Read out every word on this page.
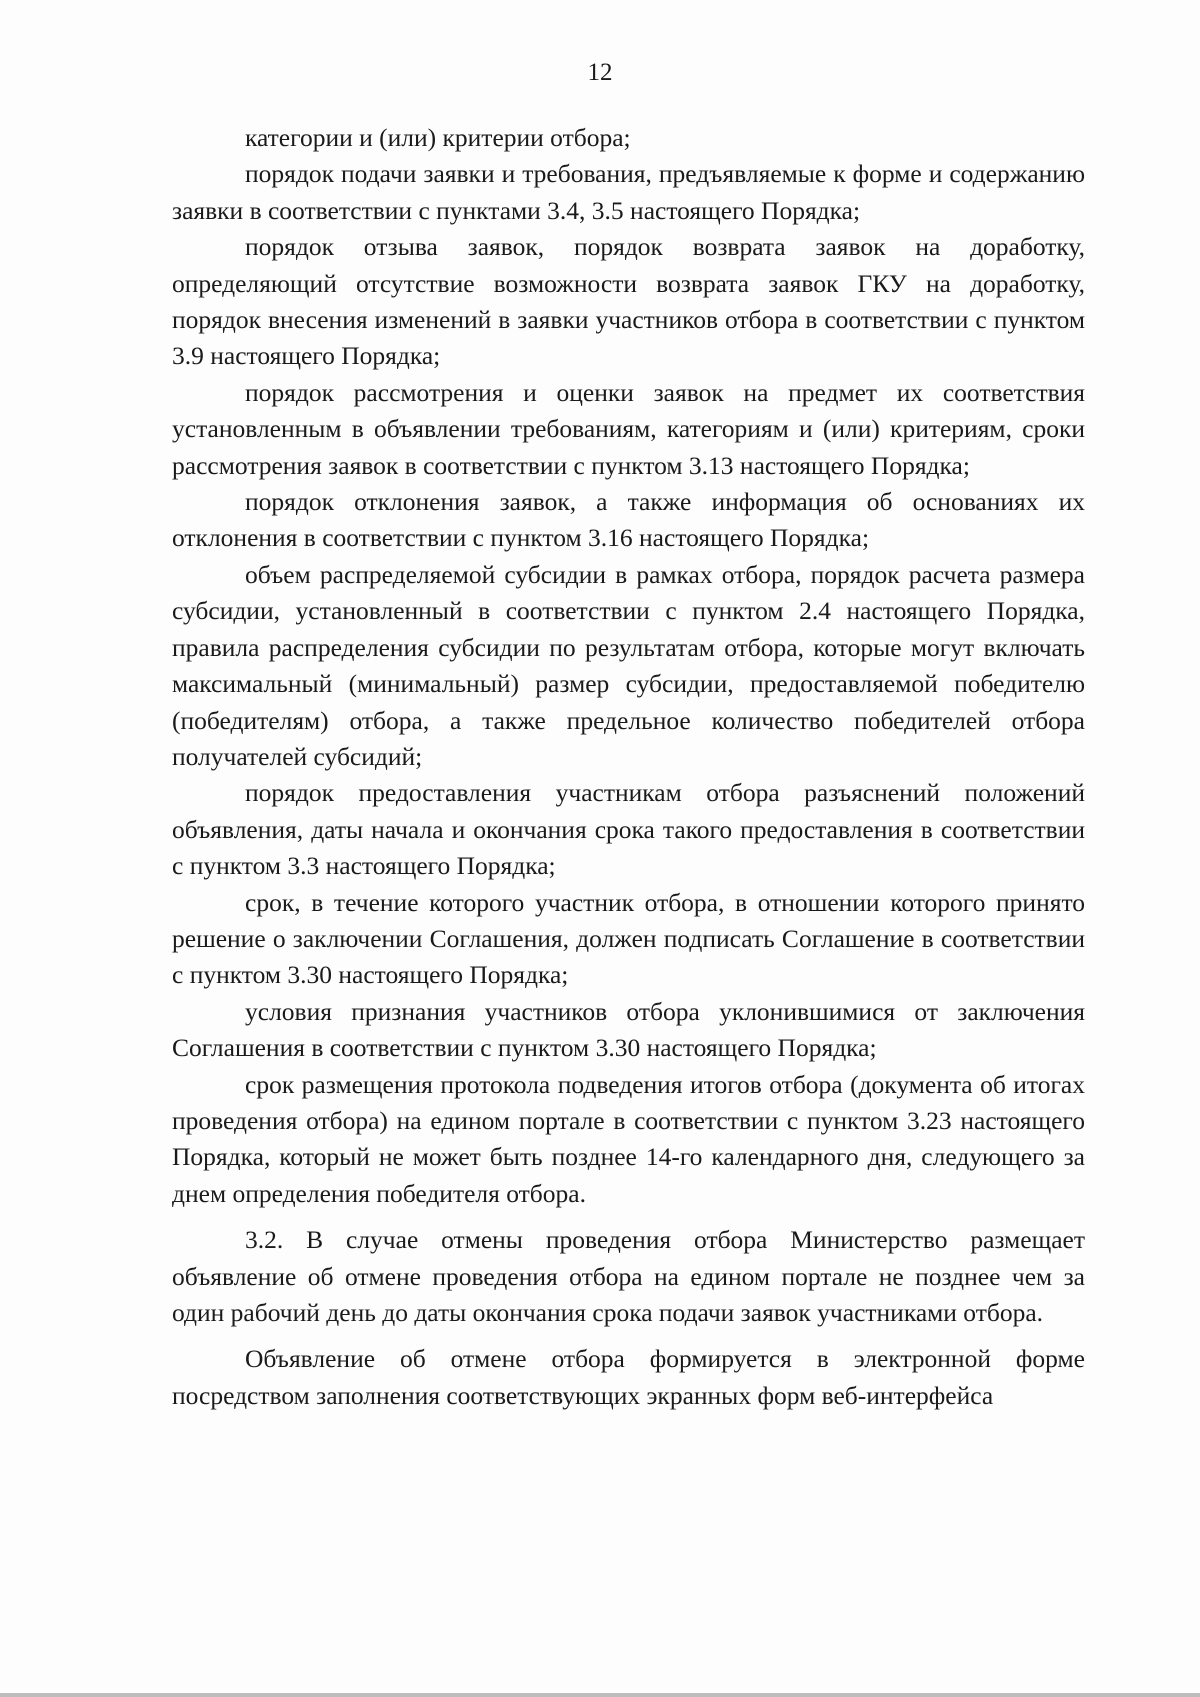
12

категории и (или) критерии отбора;

порядок подачи заявки и требования, предъявляемые к форме и содержанию заявки в соответствии с пунктами 3.4, 3.5 настоящего Порядка;

порядок отзыва заявок, порядок возврата заявок на доработку, определяющий отсутствие возможности возврата заявок ГКУ на доработку, порядок внесения изменений в заявки участников отбора в соответствии с пунктом 3.9 настоящего Порядка;

порядок рассмотрения и оценки заявок на предмет их соответствия установленным в объявлении требованиям, категориям и (или) критериям, сроки рассмотрения заявок в соответствии с пунктом 3.13 настоящего Порядка;

порядок отклонения заявок, а также информация об основаниях их отклонения в соответствии с пунктом 3.16 настоящего Порядка;

объем распределяемой субсидии в рамках отбора, порядок расчета размера субсидии, установленный в соответствии с пунктом 2.4 настоящего Порядка, правила распределения субсидии по результатам отбора, которые могут включать максимальный (минимальный) размер субсидии, предоставляемой победителю (победителям) отбора, а также предельное количество победителей отбора получателей субсидий;

порядок предоставления участникам отбора разъяснений положений объявления, даты начала и окончания срока такого предоставления в соответствии с пунктом 3.3 настоящего Порядка;

срок, в течение которого участник отбора, в отношении которого принято решение о заключении Соглашения, должен подписать Соглашение в соответствии с пунктом 3.30 настоящего Порядка;

условия признания участников отбора уклонившимися от заключения Соглашения в соответствии с пунктом 3.30 настоящего Порядка;

срок размещения протокола подведения итогов отбора (документа об итогах проведения отбора) на едином портале в соответствии с пунктом 3.23 настоящего Порядка, который не может быть позднее 14-го календарного дня, следующего за днем определения победителя отбора.

3.2. В случае отмены проведения отбора Министерство размещает объявление об отмене проведения отбора на едином портале не позднее чем за один рабочий день до даты окончания срока подачи заявок участниками отбора.

Объявление об отмене отбора формируется в электронной форме посредством заполнения соответствующих экранных форм веб-интерфейса
